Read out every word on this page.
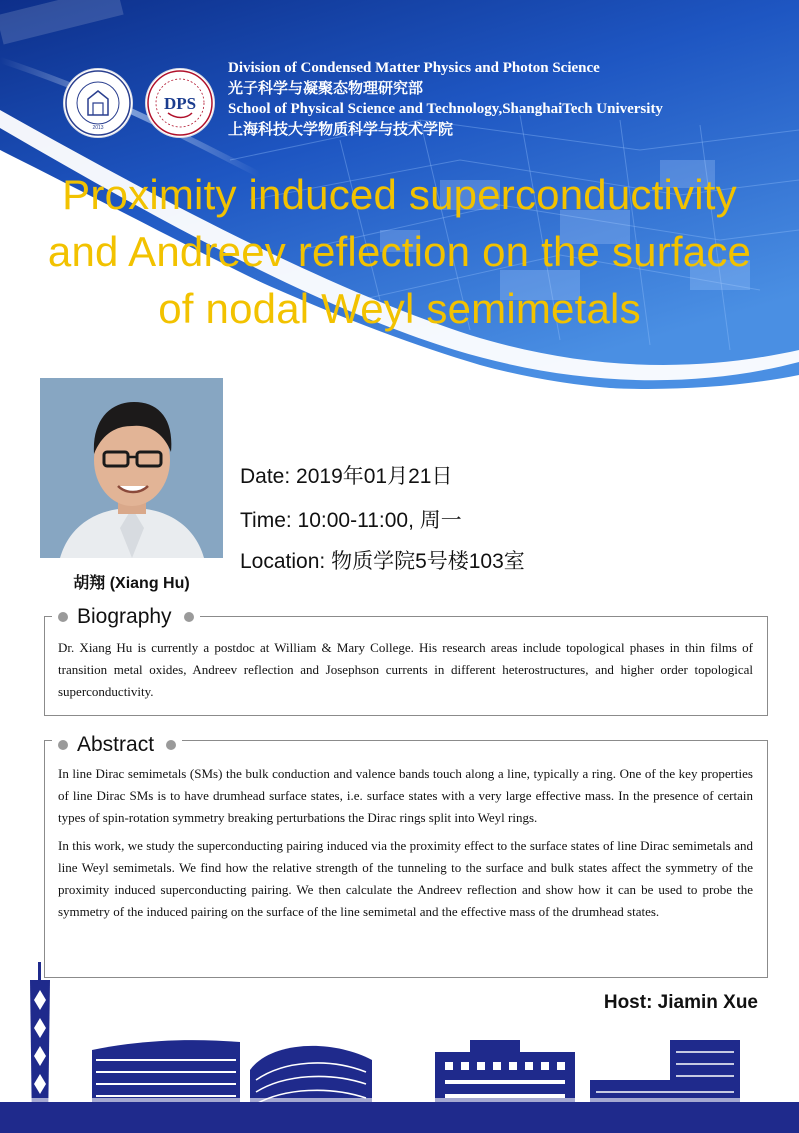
2013
DPS
Division of Condensed Matter Physics and Photon Science
光子科学与凝聚态物理研究部
School of Physical Science and Technology,ShanghaiTech University
上海科技大学物质科学与技术学院
Proximity induced superconductivity
and Andreev reflection on the surface
of nodal Weyl semimetals
胡翔 (Xiang Hu)
Date: 2019年01月21日
Time: 10:00-11:00, 周一
Location: 物质学院5号楼103室
Biography
Dr. Xiang Hu is currently a postdoc at William & Mary College. His research areas include topological phases in thin films of transition metal oxides, Andreev reflection and Josephson currents in different heterostructures, and higher order topological superconductivity.
Abstract

In line Dirac semimetals (SMs) the bulk conduction and valence bands touch along a line, typically a ring. One of the key properties of line Dirac SMs is to have drumhead surface states, i.e. surface states with a very large effective mass. In the presence of certain types of spin-rotation symmetry breaking perturbations the Dirac rings split into Weyl rings.

In this work, we study the superconducting pairing induced via the proximity effect to the surface states of line Dirac semimetals and line Weyl semimetals. We find how the relative strength of the tunneling to the surface and bulk states affect the symmetry of the proximity induced superconducting pairing. We then calculate the Andreev reflection and show how it can be used to probe the symmetry of the induced pairing on the surface of the line semimetal and the effective mass of the drumhead states.

Host: Jiamin Xue
